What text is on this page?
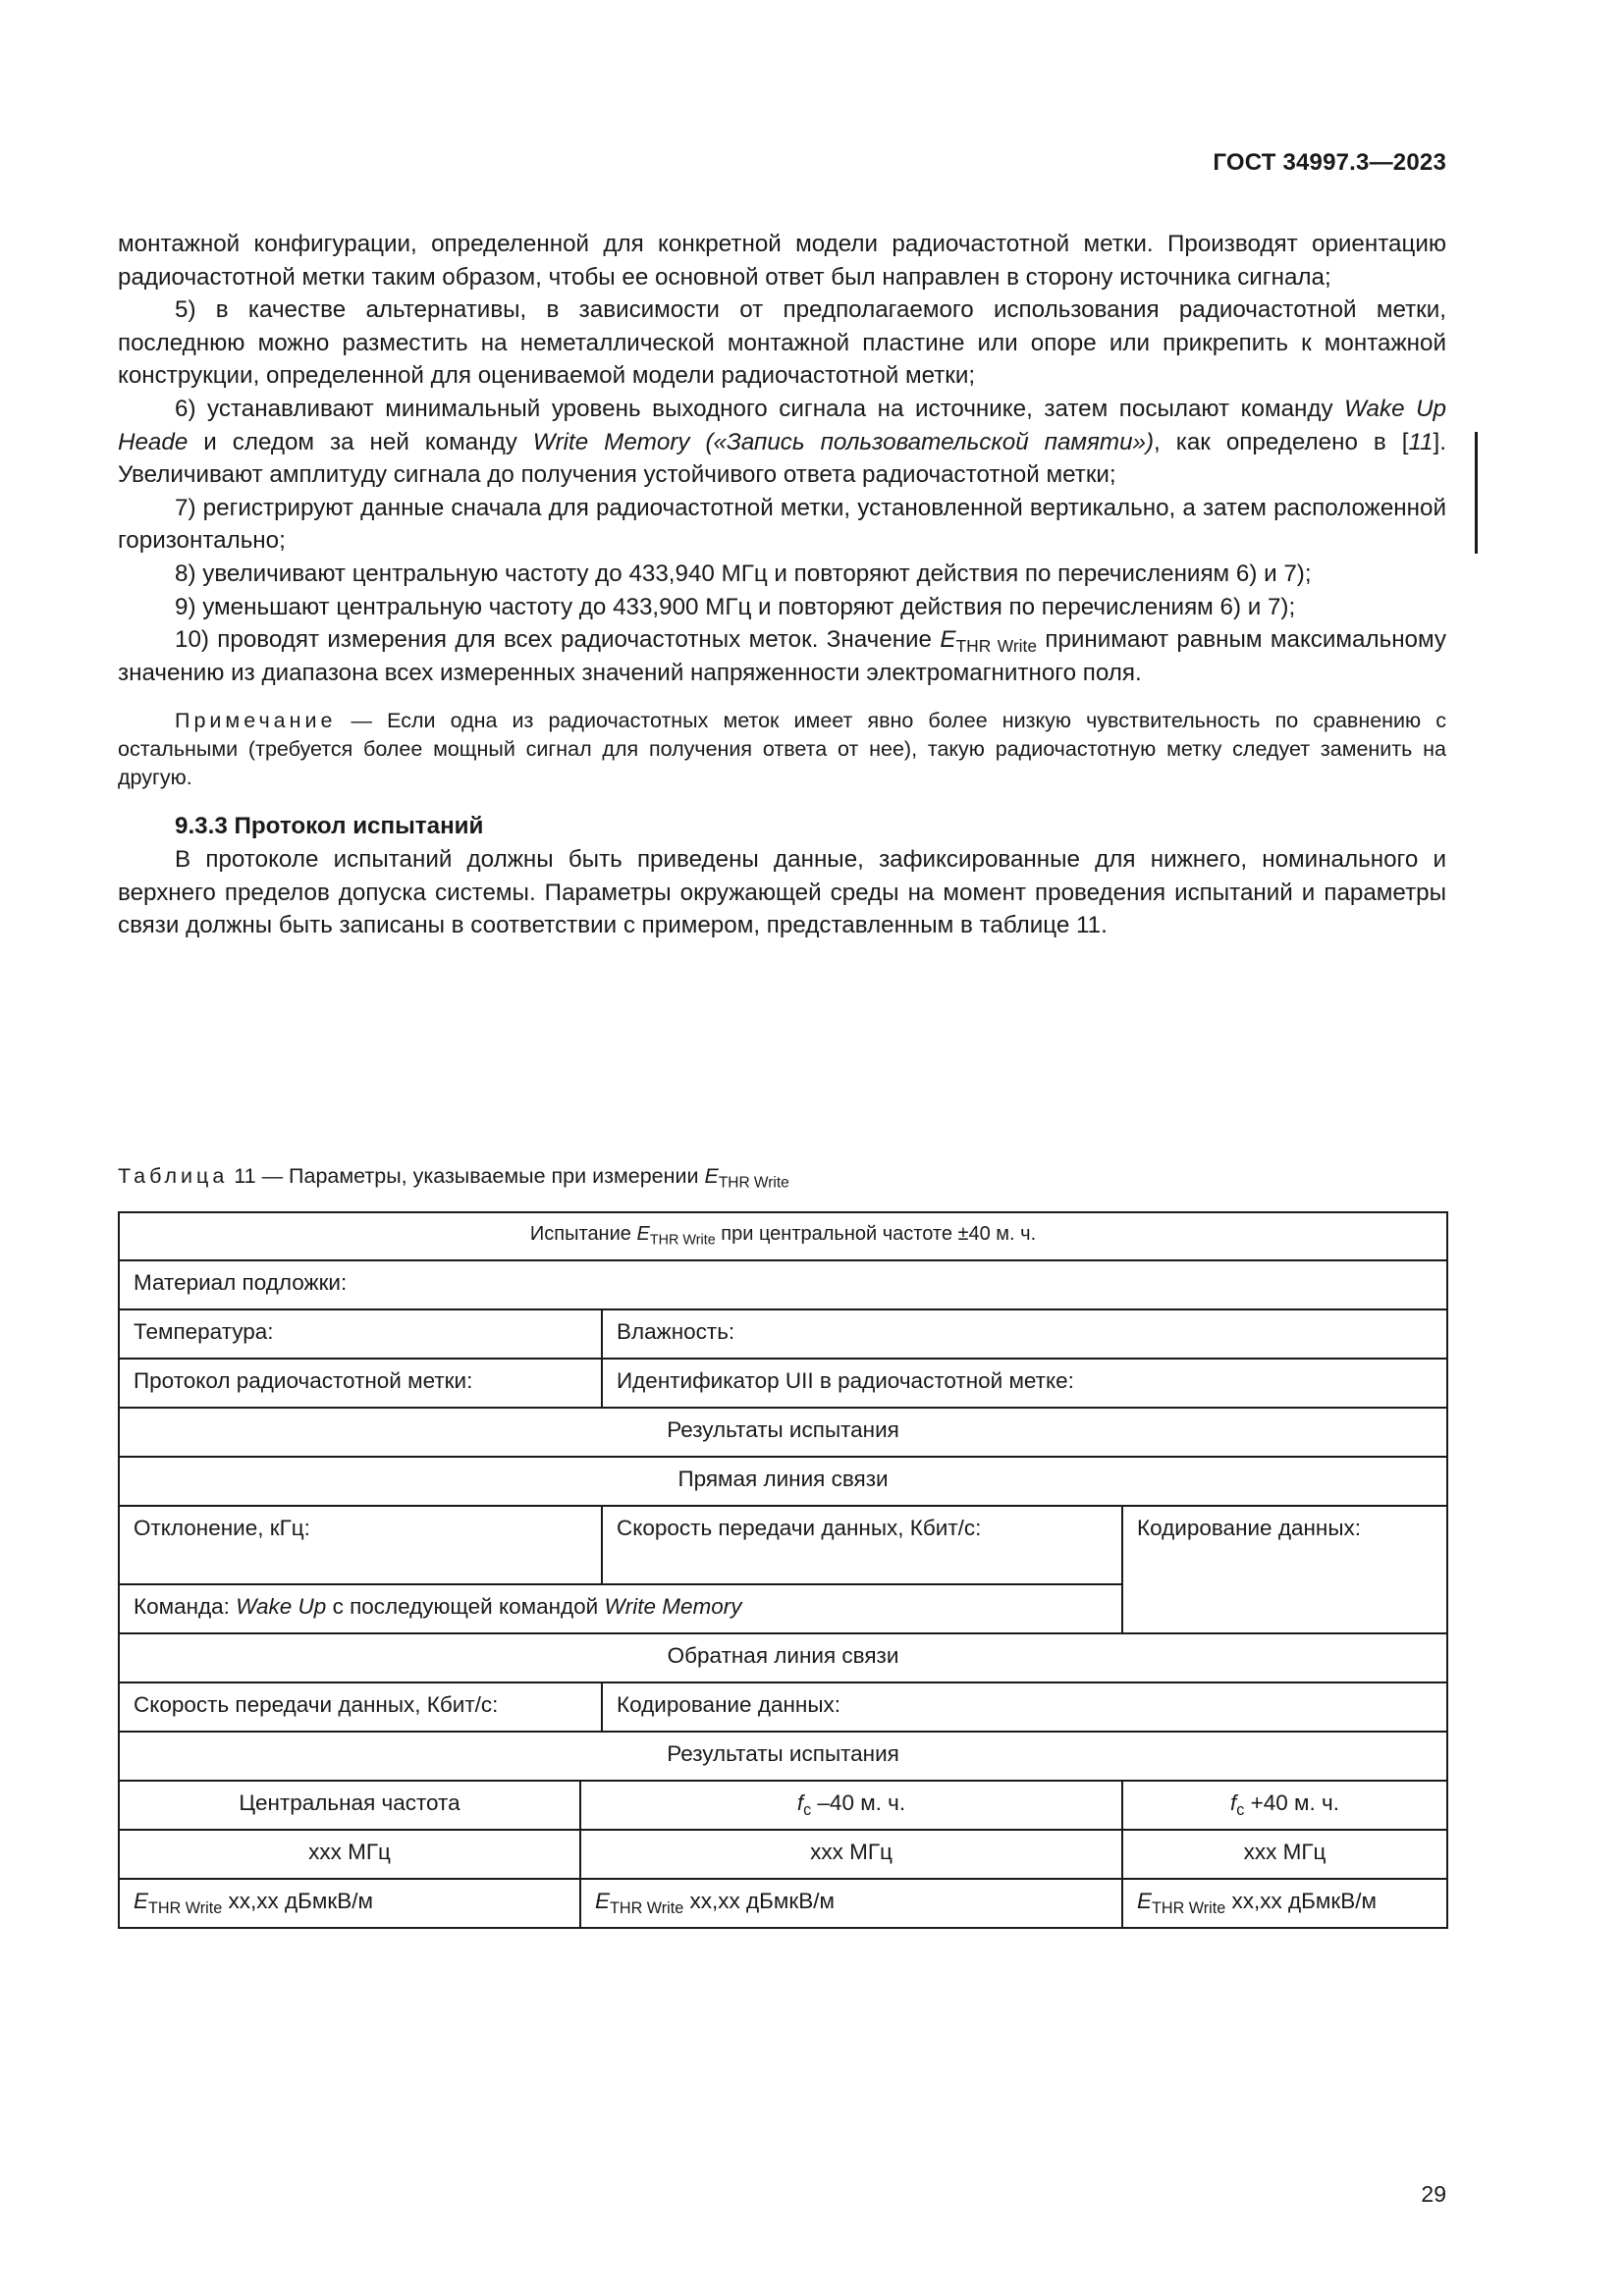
ГОСТ 34997.3—2023

монтажной конфигурации, определенной для конкретной модели радиочастотной метки. Производят ориентацию радиочастотной метки таким образом, чтобы ее основной ответ был направлен в сторону источника сигнала;

5) в качестве альтернативы, в зависимости от предполагаемого использования радиочастотной метки, последнюю можно разместить на неметаллической монтажной пластине или опоре или прикрепить к монтажной конструкции, определенной для оцениваемой модели радиочастотной метки;

6) устанавливают минимальный уровень выходного сигнала на источнике, затем посылают команду Wake Up Heade и следом за ней команду Write Memory («Запись пользовательской памяти»), как определено в [11]. Увеличивают амплитуду сигнала до получения устойчивого ответа радиочастотной метки;

7) регистрируют данные сначала для радиочастотной метки, установленной вертикально, а затем расположенной горизонтально;

8) увеличивают центральную частоту до 433,940 МГц и повторяют действия по перечислениям 6) и 7);

9) уменьшают центральную частоту до 433,900 МГц и повторяют действия по перечислениям 6) и 7);

10) проводят измерения для всех радиочастотных меток. Значение $E_{THR Write}$ принимают равным максимальному значению из диапазона всех измеренных значений напряженности электромагнитного поля.

Примечание — Если одна из радиочастотных меток имеет явно более низкую чувствительность по сравнению с остальными (требуется более мощный сигнал для получения ответа от нее), такую радиочастотную метку следует заменить на другую.

9.3.3 Протокол испытаний

В протоколе испытаний должны быть приведены данные, зафиксированные для нижнего, номинального и верхнего пределов допуска системы. Параметры окружающей среды на момент проведения испытаний и параметры связи должны быть записаны в соответствии с примером, представленным в таблице 11.

Таблица 11 — Параметры, указываемые при измерении $E_{THR Write}$
Испытание $E_{THR Write}$ при центральной частоте ±40 м. ч.			
Материал подложки:			
Температура:		Влажность:	
Протокол радиочастотной метки:		Идентификатор UII в радиочастотной метке:	
Результаты испытания			
Прямая линия связи			
Отклонение, кГц:		Скорость передачи данных, Кбит/с:	Кодирование данных:
Команда: Wake Up с последующей командой Write Memory			
Обратная линия связи			
Скорость передачи данных, Кбит/с:		Кодирование данных:	
Результаты испытания			
Центральная частота	$f_c$ –40 м. ч.		$f_c +40$ м. ч.
ххх МГц	ххх МГц		ххх МГц
$E_{THR Write}$ хх,хх дБмкВ/м	$E_{THR Write}$ хх,хх дБмкВ/м		$E_{THR Write}$ хх,хх дБмкВ/м
29
